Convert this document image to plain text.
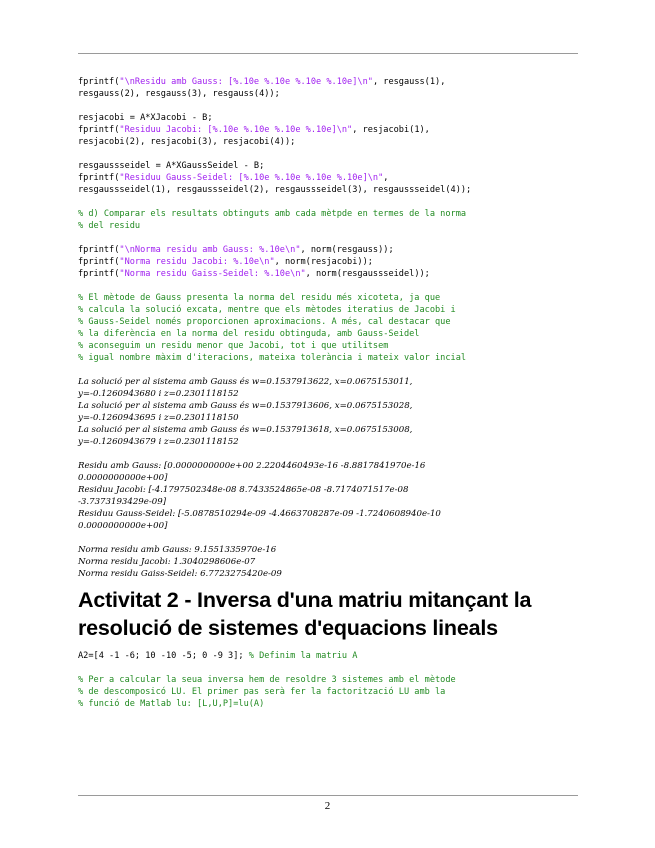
fprintf("\nResidu amb Gauss: [%.10e %.10e %.10e %.10e]\n", resgauss(1),
resgauss(2), resgauss(3), resgauss(4));
resjacobi = A*XJacobi - B;
fprintf("Residuu Jacobi: [%.10e %.10e %.10e %.10e]\n", resjacobi(1),
resjacobi(2), resjacobi(3), resjacobi(4));
resgaussseidel = A*XGaussSeidel - B;
fprintf("Residuu Gauss-Seidel: [%.10e %.10e %.10e %.10e]\n",
resgaussseidel(1), resgaussseidel(2), resgaussseidel(3), resgaussseidel(4));
% d) Comparar els resultats obtinguts amb cada mètpde en termes de la norma
% del residu
fprintf("\nNorma residu amb Gauss: %.10e\n", norm(resgauss));
fprintf("Norma residu Jacobi: %.10e\n", norm(resjacobi));
fprintf("Norma residu Gaiss-Seidel: %.10e\n", norm(resgaussseidel));
% El mètode de Gauss presenta la norma del residu més xicoteta, ja que
% calcula la solució excata, mentre que els mètodes iteratius de Jacobi i
% Gauss-Seidel només proporcionen aproximacions. A més, cal destacar que
% la diferència en la norma del residu obtinguda, amb Gauss-Seidel
% aconseguim un residu menor que Jacobi, tot i que utilitsem
% igual nombre màxim d'iteracions, mateixa tolerància i mateix valor incial
La solució per al sistema amb Gauss és w=0.1537913622, x=0.0675153011,
y=-0.1260943680 i z=0.2301118152
La solució per al sistema amb Gauss és w=0.1537913606, x=0.0675153028,
y=-0.1260943695 i z=0.2301118150
La solució per al sistema amb Gauss és w=0.1537913618, x=0.0675153008,
y=-0.1260943679 i z=0.2301118152
Residu amb Gauss: [0.0000000000e+00 2.2204460493e-16 -8.8817841970e-16
0.0000000000e+00]
Residuu Jacobi: [-4.1797502348e-08 8.7433524865e-08 -8.7174071517e-08
-3.7373193429e-09]
Residuu Gauss-Seidel: [-5.0878510294e-09 -4.4663708287e-09 -1.7240608940e-10
0.0000000000e+00]
Norma residu amb Gauss: 9.1551335970e-16
Norma residu Jacobi: 1.3040298606e-07
Norma residu Gaiss-Seidel: 6.7723275420e-09
Activitat 2 - Inversa d'una matriu mitançant la resolució de sistemes d'equacions lineals
A2=[4 -1 -6; 10 -10 -5; 0 -9 3]; % Definim la matriu A
% Per a calcular la seua inversa hem de resoldre 3 sistemes amb el mètode
% de descomposicó LU. El primer pas serà fer la factorització LU amb la
% funció de Matlab lu: [L,U,P]=lu(A)
2
